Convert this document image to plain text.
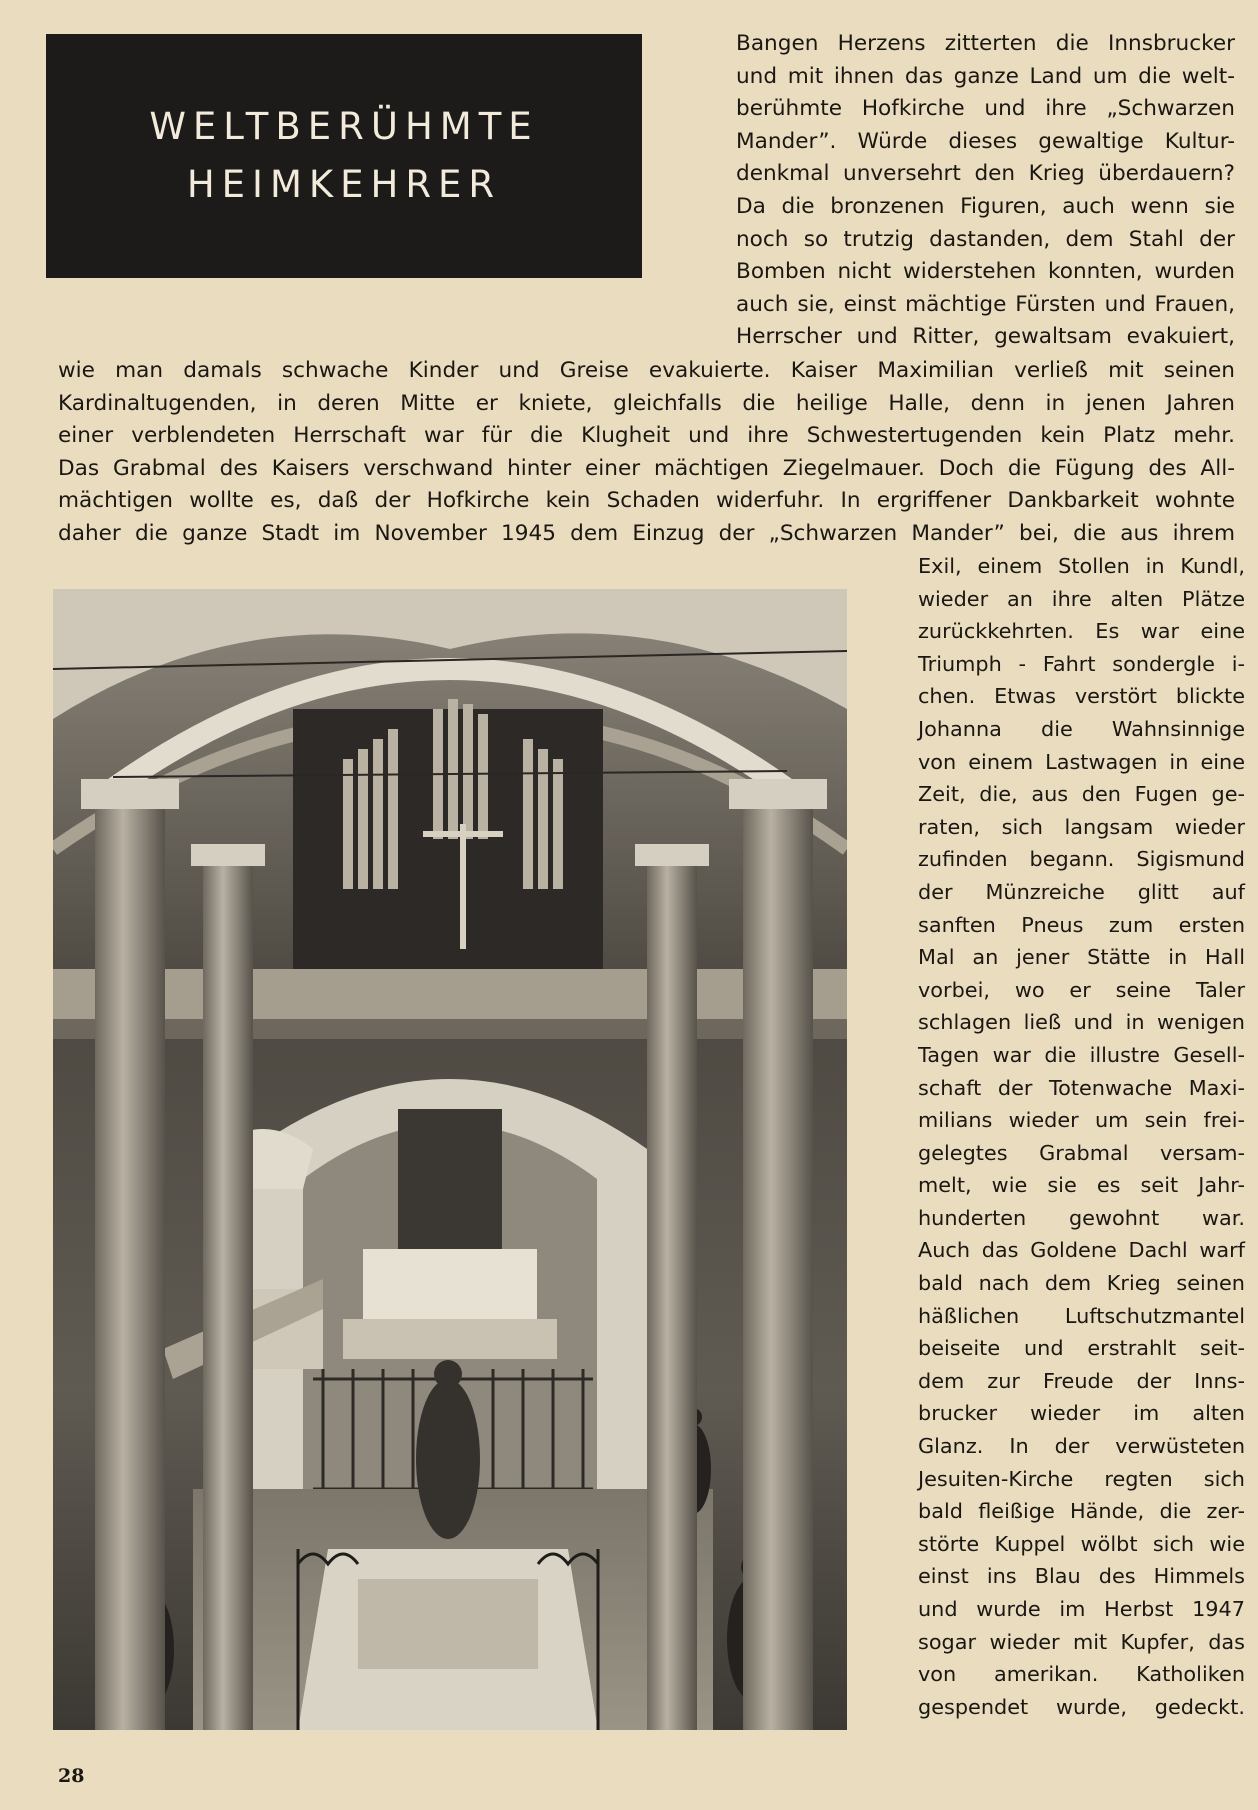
WELTBERÜHMTE
HEIMKEHRER

Bangen Herzens zitterten die Innsbrucker
und mit ihnen das ganze Land um die welt-
berühmte Hofkirche und ihre „Schwarzen
Mander”. Würde dieses gewaltige Kultur-
denkmal unversehrt den Krieg überdauern?
Da die bronzenen Figuren, auch wenn sie
noch so trutzig dastanden, dem Stahl der
Bomben nicht widerstehen konnten, wurden
auch sie, einst mächtige Fürsten und Frauen,
Herrscher und Ritter, gewaltsam evakuiert,

wie man damals schwache Kinder und Greise evakuierte. Kaiser Maximilian verließ mit seinen
Kardinaltugenden, in deren Mitte er kniete, gleichfalls die heilige Halle, denn in jenen Jahren
einer verblendeten Herrschaft war für die Klugheit und ihre Schwestertugenden kein Platz mehr.
Das Grabmal des Kaisers verschwand hinter einer mächtigen Ziegelmauer. Doch die Fügung des All-
mächtigen wollte es, daß der Hofkirche kein Schaden widerfuhr. In ergriffener Dankbarkeit wohnte
daher die ganze Stadt im November 1945 dem Einzug der „Schwarzen Mander” bei, die aus ihrem

Exil, einem Stollen in Kundl,
wieder an ihre alten Plätze
zurückkehrten. Es war eine
Triumph - Fahrt sondergle i-
chen. Etwas verstört blickte
Johanna die Wahnsinnige
von einem Lastwagen in eine
Zeit, die, aus den Fugen ge-
raten, sich langsam wieder
zufinden begann. Sigismund
der Münzreiche glitt auf
sanften Pneus zum ersten
Mal an jener Stätte in Hall
vorbei, wo er seine Taler
schlagen ließ und in wenigen
Tagen war die illustre Gesell-
schaft der Totenwache Maxi-
milians wieder um sein frei-
gelegtes Grabmal versam-
melt, wie sie es seit Jahr-
hunderten gewohnt war.
Auch das Goldene Dachl warf
bald nach dem Krieg seinen
häßlichen Luftschutzmantel
beiseite und erstrahlt seit-
dem zur Freude der Inns-
brucker wieder im alten
Glanz. In der verwüsteten
Jesuiten-Kirche regten sich
bald fleißige Hände, die zer-
störte Kuppel wölbt sich wie
einst ins Blau des Himmels
und wurde im Herbst 1947
sogar wieder mit Kupfer, das
von amerikan. Katholiken
gespendet wurde, gedeckt.

28
